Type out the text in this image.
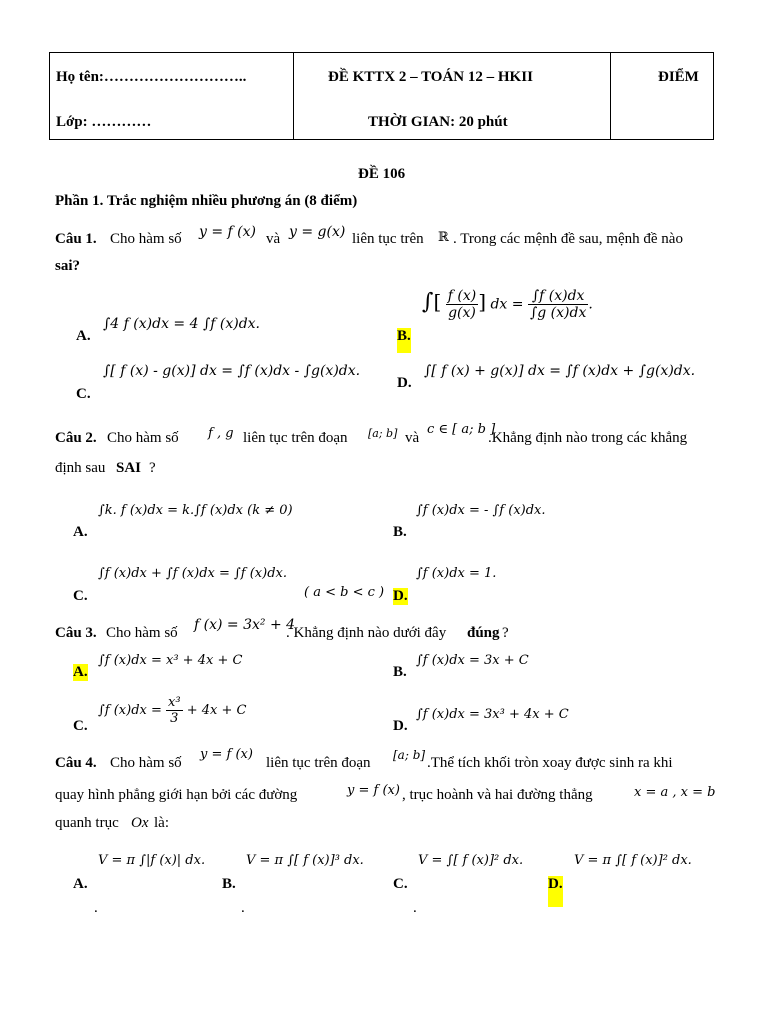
Họ tên:………………………..
Lớp: …………

ĐỀ KTTX 2 – TOÁN 12 – HKII
THỜI GIAN: 20 phút

ĐIỂM
ĐỀ 106
Phần 1. Trắc nghiệm nhiều phương án (8 điểm)
Câu 1. Cho hàm số y = f (x) và y = g(x) liên tục trên ℝ . Trong các mệnh đề sau, mệnh đề nào
sai?
A.
∫4 f (x)dx = 4 ∫f (x)dx.
B.
∫[ $\frac{f (x)}{g(x)}$ ] dx = $\frac{\int f (x)dx}{\int g (x)dx}$ .
C.
∫[ f (x) - g(x)] dx = ∫f (x)dx - ∫g(x)dx.
D.
∫[ f (x) + g(x)] dx = ∫f (x)dx + ∫g(x)dx.
Câu 2. Cho hàm số f , g liên tục trên đoạn [a; b] và
c ∈ [ a; b ]
.Khẳng định nào trong các khẳng
định sau SAI ?
A.
∫k. f (x)dx = k.∫f (x)dx (k ≠ 0)
B.
∫f (x)dx = - ∫f (x)dx.
C.
∫f (x)dx + ∫f (x)dx = ∫f (x)dx.
( a < b < c ) D.
∫f (x)dx = 1.
Câu 3. Cho hàm số f (x) = 3x² + 4
. Khẳng định nào dưới đây đúng ?
A.
∫f (x)dx = x³ + 4x + C
B.
∫f (x)dx = 3x + C
C.
∫f $(x)dx = \frac{\text{x³}}{3} + 4x + C$
D.
∫f (x)dx = 3x³ + 4x + C
Câu 4. Cho hàm số
y = f (x)
liên tục trên đoạn [a; b] .Thể tích khối tròn xoay được sinh ra khi
quay hình phẳng giới hạn bởi các đường	y = f (x) , trục hoành và hai đường thẳng	x = a , x = b
quanh trục Ox là:
A.
.
V = π ∫|f (x)| dx.
B.
.
V = π ∫[ f (x)]³ dx.
C.
.
V = ∫[ f (x)]² dx.
D.
V = π ∫[ f (x)]² dx.
